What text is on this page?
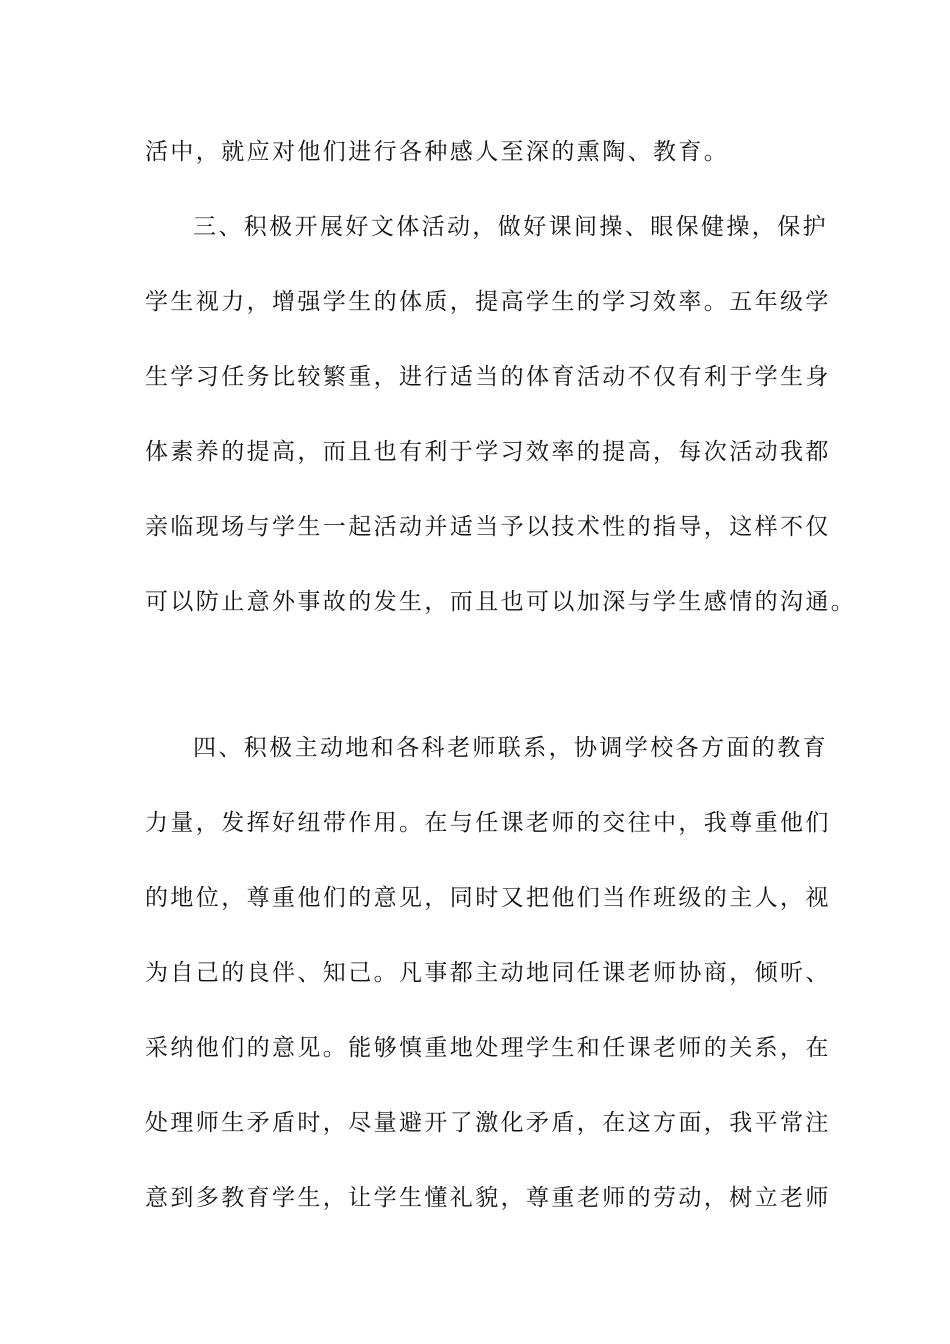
活中，就应对他们进行各种感人至深的熏陶、教育。
三、积极开展好文体活动，做好课间操、眼保健操，保护
学生视力，增强学生的体质，提高学生的学习效率。五年级学
生学习任务比较繁重，进行适当的体育活动不仅有利于学生身
体素养的提高，而且也有利于学习效率的提高，每次活动我都
亲临现场与学生一起活动并适当予以技术性的指导，这样不仅
可以防止意外事故的发生，而且也可以加深与学生感情的沟通。
四、积极主动地和各科老师联系，协调学校各方面的教育
力量，发挥好纽带作用。在与任课老师的交往中，我尊重他们
的地位，尊重他们的意见，同时又把他们当作班级的主人，视
为自己的良伴、知己。凡事都主动地同任课老师协商，倾听、
采纳他们的意见。能够慎重地处理学生和任课老师的关系，在
处理师生矛盾时，尽量避开了激化矛盾，在这方面，我平常注
意到多教育学生，让学生懂礼貌，尊重老师的劳动，树立老师
